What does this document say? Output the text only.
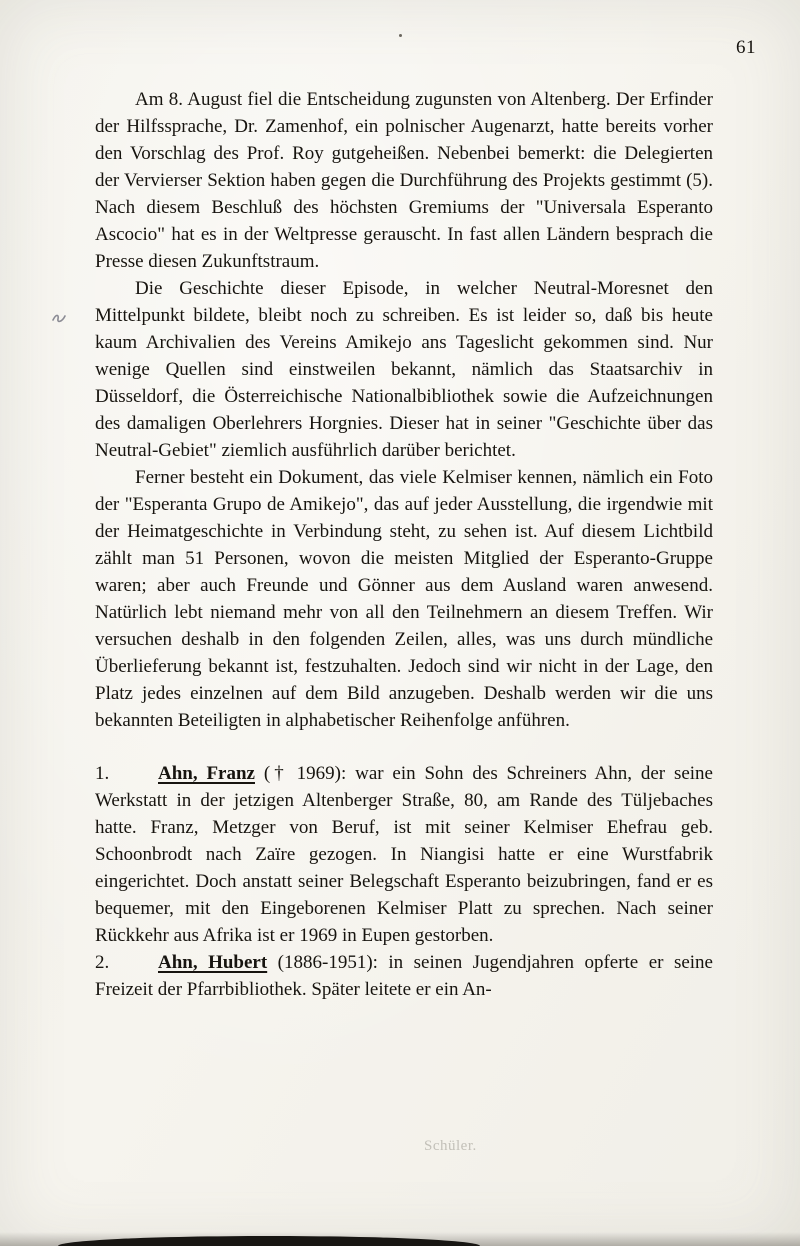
61

Am 8. August fiel die Entscheidung zugunsten von Altenberg. Der Erfinder der Hilfssprache, Dr. Zamenhof, ein polnischer Augenarzt, hatte bereits vorher den Vorschlag des Prof. Roy gutgeheißen. Nebenbei bemerkt: die Delegierten der Vervierser Sektion haben gegen die Durchführung des Projekts gestimmt (5). Nach diesem Beschluß des höchsten Gremiums der "Universala Esperanto Ascocio" hat es in der Weltpresse gerauscht. In fast allen Ländern besprach die Presse diesen Zukunftstraum.

Die Geschichte dieser Episode, in welcher Neutral-Moresnet den Mittelpunkt bildete, bleibt noch zu schreiben. Es ist leider so, daß bis heute kaum Archivalien des Vereins Amikejo ans Tageslicht gekommen sind. Nur wenige Quellen sind einstweilen bekannt, nämlich das Staatsarchiv in Düsseldorf, die Österreichische Nationalbibliothek sowie die Aufzeichnungen des damaligen Oberlehrers Horgnies. Dieser hat in seiner "Geschichte über das Neutral-Gebiet" ziemlich ausführlich darüber berichtet.

Ferner besteht ein Dokument, das viele Kelmiser kennen, nämlich ein Foto der "Esperanta Grupo de Amikejo", das auf jeder Ausstellung, die irgendwie mit der Heimatgeschichte in Verbindung steht, zu sehen ist. Auf diesem Lichtbild zählt man 51 Personen, wovon die meisten Mitglied der Esperanto-Gruppe waren; aber auch Freunde und Gönner aus dem Ausland waren anwesend. Natürlich lebt niemand mehr von all den Teilnehmern an diesem Treffen. Wir versuchen deshalb in den folgenden Zeilen, alles, was uns durch mündliche Überlieferung bekannt ist, festzuhalten. Jedoch sind wir nicht in der Lage, den Platz jedes einzelnen auf dem Bild anzugeben. Deshalb werden wir die uns bekannten Beteiligten in alphabetischer Reihenfolge anführen.

1.	Ahn, Franz († 1969): war ein Sohn des Schreiners Ahn, der seine Werkstatt in der jetzigen Altenberger Straße, 80, am Rande des Tüljebaches hatte. Franz, Metzger von Beruf, ist mit seiner Kelmiser Ehefrau geb. Schoonbrodt nach Zaïre gezogen. In Niangisi hatte er eine Wurstfabrik eingerichtet. Doch anstatt seiner Belegschaft Esperanto beizubringen, fand er es bequemer, mit den Eingeborenen Kelmiser Platt zu sprechen. Nach seiner Rückkehr aus Afrika ist er 1969 in Eupen gestorben.

2.	Ahn, Hubert (1886-1951): in seinen Jugendjahren opferte er seine Freizeit der Pfarrbibliothek. Später leitete er ein An-

Schüler.
